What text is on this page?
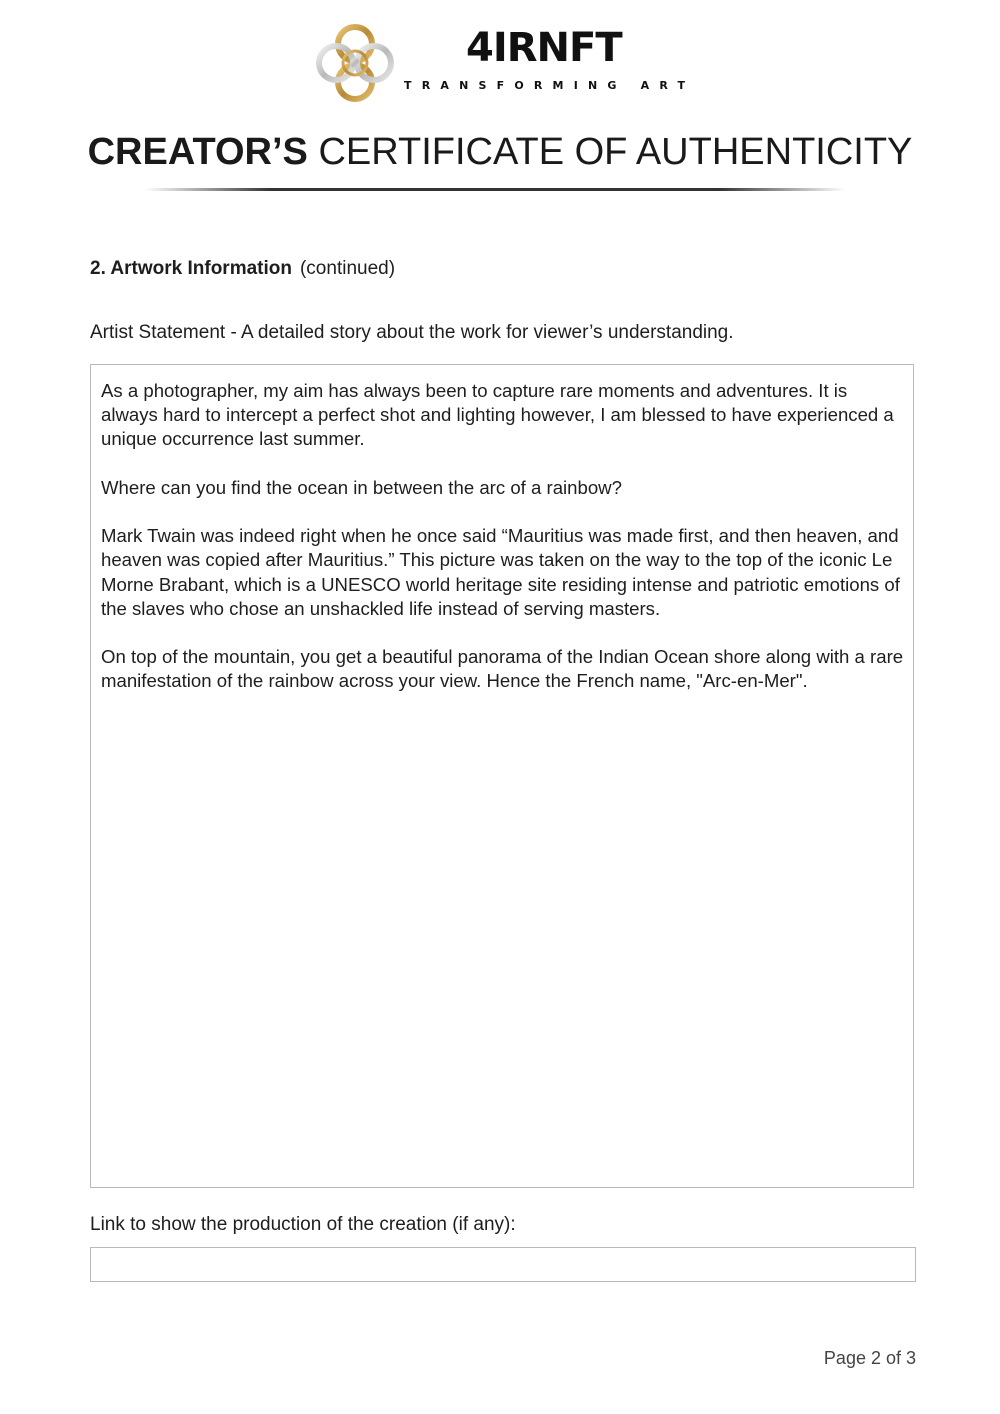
4IRNFT
TRANSFORMING ART
CREATOR’S CERTIFICATE OF AUTHENTICITY
2. Artwork Information (continued)
Artist Statement - A detailed story about the work for viewer’s understanding.

As a photographer, my aim has always been to capture rare moments and adventures. It is always hard to intercept a perfect shot and lighting however, I am blessed to have experienced a unique occurrence last summer.

Where can you find the ocean in between the arc of a rainbow?

Mark Twain was indeed right when he once said “Mauritius was made first, and then heaven, and heaven was copied after Mauritius.” This picture was taken on the way to the top of the iconic Le Morne Brabant, which is a UNESCO world heritage site residing intense and patriotic emotions of the slaves who chose an unshackled life instead of serving masters.

On top of the mountain, you get a beautiful panorama of the Indian Ocean shore along with a rare manifestation of the rainbow across your view. Hence the French name, "Arc-en-Mer".

Link to show the production of the creation (if any):
Page 2 of 3
